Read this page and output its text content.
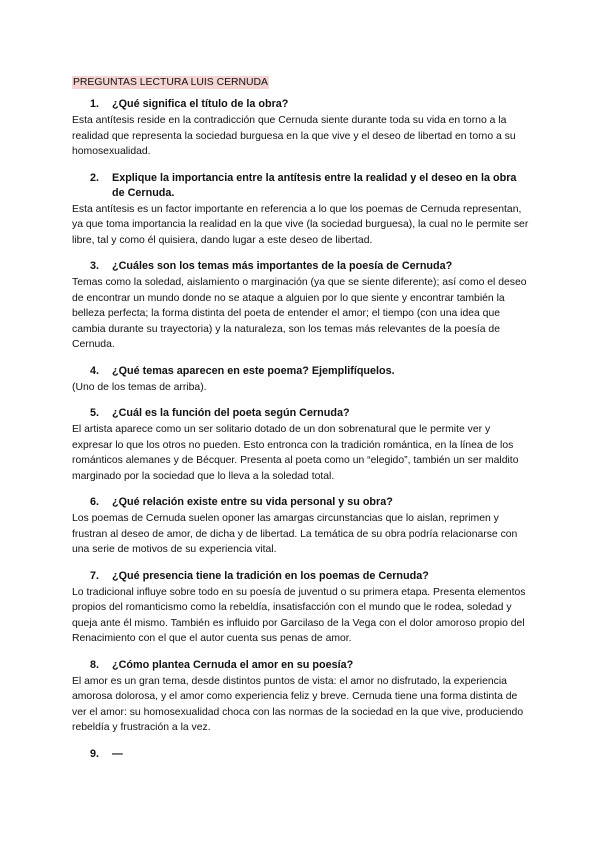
PREGUNTAS LECTURA LUIS CERNUDA
1.	¿Qué significa el título de la obra?
Esta antítesis reside en la contradicción que Cernuda siente durante toda su vida en torno a la realidad que representa la sociedad burguesa en la que vive y el deseo de libertad en torno a su homosexualidad.
2.	Explique la importancia entre la antítesis entre la realidad y el deseo en la obra de Cernuda.
Esta antítesis es un factor importante en referencia a lo que los poemas de Cernuda representan, ya que toma importancia la realidad en la que vive (la sociedad burguesa), la cual no le permite ser libre, tal y como él quisiera, dando lugar a este deseo de libertad.
3.	¿Cuáles son los temas más importantes de la poesía de Cernuda?
Temas como la soledad, aislamiento o marginación (ya que se siente diferente); así como el deseo de encontrar un mundo donde no se ataque a alguien por lo que siente y encontrar también la belleza perfecta; la forma distinta del poeta de entender el amor; el tiempo (con una idea que cambia durante su trayectoria) y la naturaleza, son los temas más relevantes de la poesía de Cernuda.
4.	¿Qué temas aparecen en este poema? Ejemplifíquelos.
(Uno de los temas de arriba).
5.	¿Cuál es la función del poeta según Cernuda?
El artista aparece como un ser solitario dotado de un don sobrenatural que le permite ver y expresar lo que los otros no pueden. Esto entronca con la tradición romántica, en la línea de los románticos alemanes y de Bécquer. Presenta al poeta como un “elegido”, también un ser maldito marginado por la sociedad que lo lleva a la soledad total.
6.	¿Qué relación existe entre su vida personal y su obra?
Los poemas de Cernuda suelen oponer las amargas circunstancias que lo aislan, reprimen y frustran al deseo de amor, de dicha y de libertad. La temática de su obra podría relacionarse con una serie de motivos de su experiencia vital.
7.	¿Qué presencia tiene la tradición en los poemas de Cernuda?
Lo tradicional influye sobre todo en su poesía de juventud o su primera etapa. Presenta elementos propios del romanticismo como la rebeldía, insatisfacción con el mundo que le rodea, soledad y queja ante él mismo. También es influido por Garcilaso de la Vega con el dolor amoroso propio del Renacimiento con el que el autor cuenta sus penas de amor.
8.	¿Cómo plantea Cernuda el amor en su poesía?
El amor es un gran tema, desde distintos puntos de vista: el amor no disfrutado, la experiencia amorosa dolorosa, y el amor como experiencia feliz y breve. Cernuda tiene una forma distinta de ver el amor: su homosexualidad choca con las normas de la sociedad en la que vive, produciendo rebeldía y frustración a la vez.
9.	—
